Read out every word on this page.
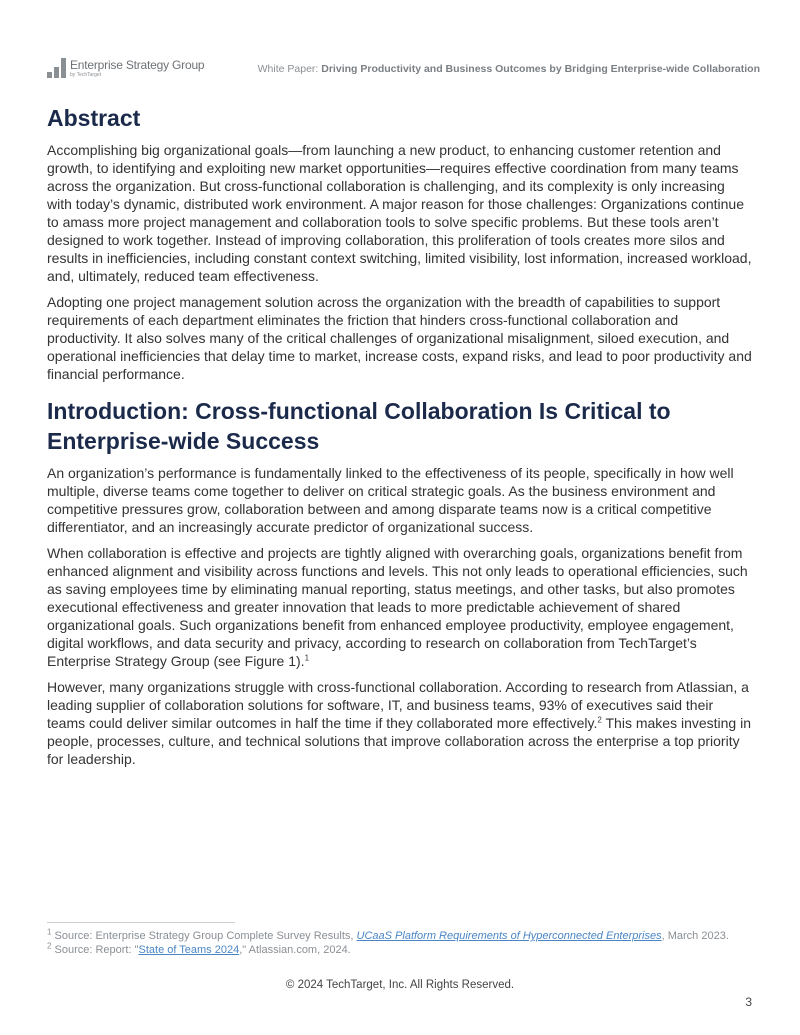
Enterprise Strategy Group
by TechTarget	White Paper: Driving Productivity and Business Outcomes by Bridging Enterprise-wide Collaboration
Abstract

Accomplishing big organizational goals—from launching a new product, to enhancing customer retention and growth, to identifying and exploiting new market opportunities—requires effective coordination from many teams across the organization. But cross-functional collaboration is challenging, and its complexity is only increasing with today’s dynamic, distributed work environment. A major reason for those challenges: Organizations continue to amass more project management and collaboration tools to solve specific problems. But these tools aren’t designed to work together. Instead of improving collaboration, this proliferation of tools creates more silos and results in inefficiencies, including constant context switching, limited visibility, lost information, increased workload, and, ultimately, reduced team effectiveness.

Adopting one project management solution across the organization with the breadth of capabilities to support requirements of each department eliminates the friction that hinders cross-functional collaboration and productivity. It also solves many of the critical challenges of organizational misalignment, siloed execution, and operational inefficiencies that delay time to market, increase costs, expand risks, and lead to poor productivity and financial performance.

Introduction: Cross-functional Collaboration Is Critical to Enterprise-wide Success

An organization’s performance is fundamentally linked to the effectiveness of its people, specifically in how well multiple, diverse teams come together to deliver on critical strategic goals. As the business environment and competitive pressures grow, collaboration between and among disparate teams now is a critical competitive differentiator, and an increasingly accurate predictor of organizational success.

When collaboration is effective and projects are tightly aligned with overarching goals, organizations benefit from enhanced alignment and visibility across functions and levels. This not only leads to operational efficiencies, such as saving employees time by eliminating manual reporting, status meetings, and other tasks, but also promotes executional effectiveness and greater innovation that leads to more predictable achievement of shared organizational goals. Such organizations benefit from enhanced employee productivity, employee engagement, digital workflows, and data security and privacy, according to research on collaboration from TechTarget’s Enterprise Strategy Group (see Figure 1).$^1$

However, many organizations struggle with cross-functional collaboration. According to research from Atlassian, a leading supplier of collaboration solutions for software, IT, and business teams, 93% of executives said their teams could deliver similar outcomes in half the time if they collaborated more effectively.$^2$ This makes investing in people, processes, culture, and technical solutions that improve collaboration across the enterprise a top priority for leadership.

$^1$ Source: Enterprise Strategy Group Complete Survey Results, UCaaS Platform Requirements of Hyperconnected Enterprises, March 2023.

$^2$ Source: Report: "State of Teams 2024," Atlassian.com, 2024.

© 2024 TechTarget, Inc. All Rights Reserved.
3
